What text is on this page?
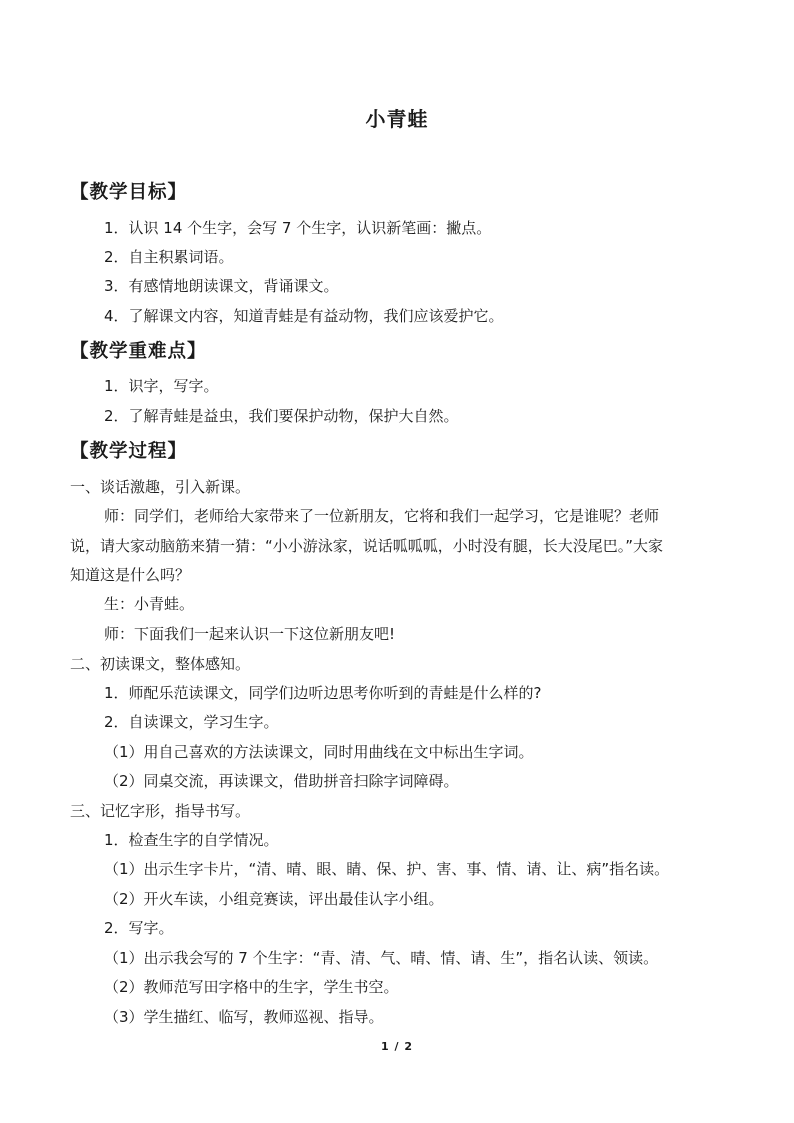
小青蛙
【教学目标】
1．认识 14 个生字，会写 7 个生字，认识新笔画：撇点。
2．自主积累词语。
3．有感情地朗读课文，背诵课文。
4．了解课文内容，知道青蛙是有益动物，我们应该爱护它。
【教学重难点】
1．识字，写字。
2．了解青蛙是益虫，我们要保护动物，保护大自然。
【教学过程】
一、谈话激趣，引入新课。
师：同学们，老师给大家带来了一位新朋友，它将和我们一起学习，它是谁呢？老师
说，请大家动脑筋来猜一猜：“小小游泳家，说话呱呱呱，小时没有腿，长大没尾巴。”大家
知道这是什么吗？
生：小青蛙。
师：下面我们一起来认识一下这位新朋友吧!
二、初读课文，整体感知。
1．师配乐范读课文，同学们边听边思考你听到的青蛙是什么样的?
2．自读课文，学习生字。
（1）用自己喜欢的方法读课文，同时用曲线在文中标出生字词。
（2）同桌交流，再读课文，借助拼音扫除字词障碍。
三、记忆字形，指导书写。
1．检查生字的自学情况。
（1）出示生字卡片，“清、晴、眼、睛、保、护、害、事、情、请、让、病”指名读。
（2）开火车读，小组竞赛读，评出最佳认字小组。
2．写字。
（1）出示我会写的 7 个生字：“青、清、气、晴、情、请、生”，指名认读、领读。
（2）教师范写田字格中的生字，学生书空。
（3）学生描红、临写，教师巡视、指导。
1 / 2
